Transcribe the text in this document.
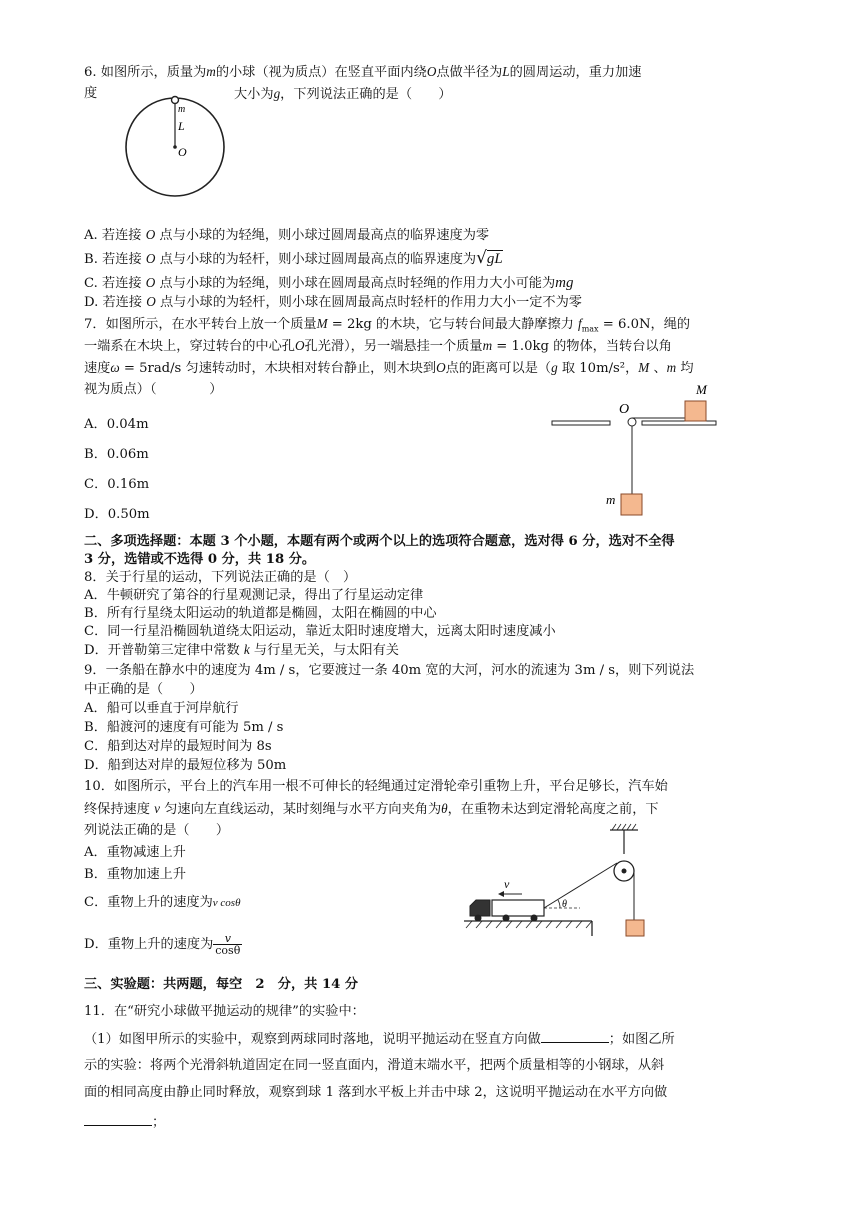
6. 如图所示，质量为m的小球（视为质点）在竖直平面内绕O点做半径为L的圆周运动，重力加速
度	大小为g，下列说法正确的是（　　）
m
L
O
A. 若连接 O 点与小球的为轻绳，则小球过圆周最高点的临界速度为零
B. 若连接 O 点与小球的为轻杆，则小球过圆周最高点的临界速度为√gL
C. 若连接 O 点与小球的为轻绳，则小球在圆周最高点时轻绳的作用力大小可能为mg
D. 若连接 O 点与小球的为轻杆，则小球在圆周最高点时轻杆的作用力大小一定不为零
7．如图所示，在水平转台上放一个质量M = 2kg 的木块，它与转台间最大静摩擦力 $f_{max} = 6.0N$，绳的
一端系在木块上，穿过转台的中心孔O孔光滑），另一端悬挂一个质量m = 1.0kg 的物体，当转台以角
速度ω = 5rad/s 匀速转动时，木块相对转台静止，则木块到O点的距离可以是（g 取 10m/s²，M 、m 均
视为质点）（　　　　）
A．0.04m
B．0.06m
C．0.16m
D．0.50m
O
M
m
二、多项选择题：本题 3 个小题，本题有两个或两个以上的选项符合题意，选对得 6 分，选对不全得
3 分，选错或不选得 0 分，共 18 分。
8．关于行星的运动，下列说法正确的是（　）
A．牛顿研究了第谷的行星观测记录，得出了行星运动定律
B．所有行星绕太阳运动的轨道都是椭圆，太阳在椭圆的中心
C．同一行星沿椭圆轨道绕太阳运动，靠近太阳时速度增大，远离太阳时速度减小
D．开普勒第三定律中常数 k 与行星无关，与太阳有关
9．一条船在静水中的速度为 4m / s，它要渡过一条 40m 宽的大河，河水的流速为 3m / s，则下列说法
中正确的是（　　）
A．船可以垂直于河岸航行
B．船渡河的速度有可能为 5m / s
C．船到达对岸的最短时间为 8s
D．船到达对岸的最短位移为 50m
10．如图所示，平台上的汽车用一根不可伸长的轻绳通过定滑轮牵引重物上升，平台足够长，汽车始
终保持速度 v 匀速向左直线运动，某时刻绳与水平方向夹角为θ，在重物未达到定滑轮高度之前，下
列说法正确的是（　　）
A．重物减速上升
B．重物加速上升
C．重物上升的速度为v cosθ
D．重物上升的速度为 $\frac{v}{\cos\theta}$
v
θ
三、实验题：共两题，每空　2　分，共 14 分
11．在“研究小球做平抛运动的规律”的实验中：
（1）如图甲所示的实验中，观察到两球同时落地，说明平抛运动在竖直方向做	；如图乙所
示的实验：将两个光滑斜轨道固定在同一竖直面内，滑道末端水平，把两个质量相等的小钢球，从斜
面的相同高度由静止同时释放，观察到球 1 落到水平板上并击中球 2，这说明平抛运动在水平方向做
；
